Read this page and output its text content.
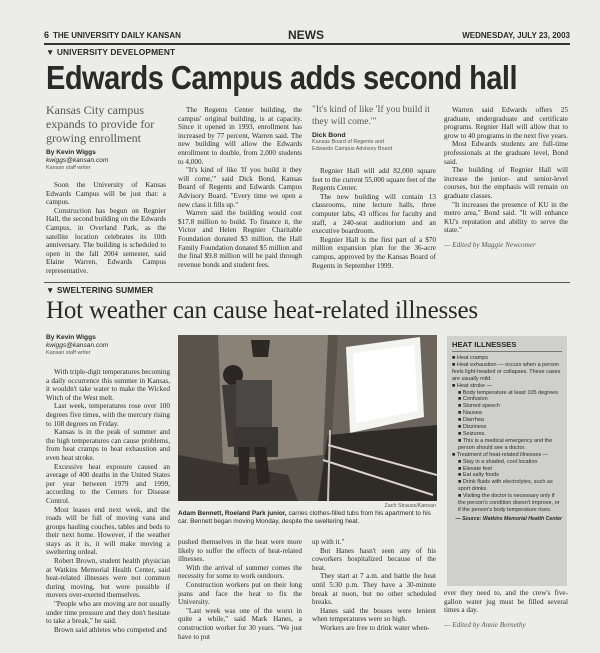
6 THE UNIVERSITY DAILY KANSAN	NEWS	WEDNESDAY, JULY 23, 2003
▼ UNIVERSITY DEVELOPMENT
Edwards Campus adds second hall
Kansas City campus expands to provide for growing enrollment
By Kevin Wiggs
kwiggs@kansan.com
Kansan staff writer

Soon the University of Kansas Edwards Campus will be just that: a campus.

Construction has begun on Regnier Hall, the second building on the Edwards Campus, in Overland Park, as the satellite location celebrates its 10th anniversary. The building is scheduled to open in the fall 2004 semester, said Elaine Warren, Edwards Campus representative.

The Regents Center building, the campus' original building, is at capacity. Since it opened in 1993, enrollment has increased by 77 percent, Warren said. The new building will allow the Edwards enrollment to double, from 2,000 students to 4,000.

"It's kind of like 'If you build it they will come,'" said Dick Bond, Kansas Board of Regents and Edwards Campus Advisory Board. "Every time we open a new class it fills up."

Warren said the building would cost $17.8 million to build. To finance it, the Victor and Helen Regnier Charitable Foundation donated $3 million, the Hall Family Foundation donated $5 million and the final $9.8 million will be paid through revenue bonds and student fees.

"It's kind of like 'If you build it they will come.'"
Dick Bond
Kansas Board of Regents and
Edwards Campus Advisory Board

Regnier Hall will add 82,000 square feet to the current 55,000 square feet of the Regents Center.

The new building will contain 13 classrooms, nine lecture halls, three computer labs, 43 offices for faculty and staff, a 240-seat auditorium and an executive boardroom.

Regnier Hall is the first part of a $70 million expansion plan for the 36-acre campus, approved by the Kansas Board of Regents in September 1999.

Warren said Edwards offers 25 graduate, undergraduate and certificate programs. Regnier Hall will allow that to grow to 40 programs in the next five years.

Most Edwards students are full-time professionals at the graduate level, Bond said.

The building of Regnier Hall will increase the junior- and senior-level courses, but the emphasis will remain on graduate classes.

"It increases the presence of KU in the metro area," Bond said. "It will enhance KU's reputation and ability to serve the state."

— Edited by Maggie Newcomer

▼ SWELTERING SUMMER
Hot weather can cause heat-related illnesses
By Kevin Wiggs
kwiggs@kansan.com
Kansan staff writer

With triple-digit temperatures becoming a daily occurrence this summer in Kansas, it wouldn't take water to make the Wicked Witch of the West melt.

Last week, temperatures rose over 100 degrees five times, with the mercury rising to 108 degrees on Friday.

Kansas is in the peak of summer and the high temperatures can cause problems, from heat cramps to heat exhaustion and even heat stroke.

Excessive heat exposure caused an average of 400 deaths in the United States per year between 1979 and 1999, according to the Centers for Disease Control.

Most leases end next week, and the roads will be full of moving vans and groups hauling couches, tables and beds to their next home. However, if the weather stays as it is, it will make moving a sweltering ordeal.

Robert Brown, student health physician at Watkins Memorial Health Center, said heat-related illnesses were not common during moving, but were possible if movers over-exerted themselves.

"People who are moving are not usually under time pressure and they don't hesitate to take a break," he said.

Brown said athletes who competed and

Zach Strauss/Kansan
Adam Bennett, Roeland Park junior, carries clothes-filled tubs from his apartment to his car. Bennett began moving Monday, despite the sweltering heat.

pushed themselves in the heat were more likely to suffer the effects of heat-related illnesses.

With the arrival of summer comes the necessity for some to work outdoors.

Construction workers put on their long jeans and face the heat to fix the University.

"Last week was one of the worst in quite a while," said Mark Hanes, a construction worker for 30 years. "We just have to put

up with it."

But Hanes hasn't seen any of his coworkers hospitalized because of the heat.

They start at 7 a.m. and battle the heat until 5:30 p.m. They have a 30-minute break at noon, but no other scheduled breaks.

Hanes said the bosses were lenient when temperatures were so high.

Workers are free to drink water when-

HEAT ILLNESSES
■ Heat cramps
■ Heat exhaustion — occurs when a person feels light-headed or collapses. These cases are usually mild.
■ Heat stroke —
■ Body temperature at least 105 degrees
■ Confusion
■ Slurred speech
■ Nausea
■ Diarrhea
■ Dizziness
■ Seizures.
■ This is a medical emergency and the person should see a doctor.
■ Treatment of heat-related illnesses —
■ Stay in a shaded, cool location
■ Elevate feet
■ Eat salty foods
■ Drink fluids with electrolytes, such as sport drinks
■ Visiting the doctor is necessary only if the person's condition doesn't improve, or if the person's body temperature rises.
— Source: Watkins Memorial Health Center

ever they need to, and the crew's five-gallon water jug must be filled several times a day.

— Edited by Annie Bernethy
